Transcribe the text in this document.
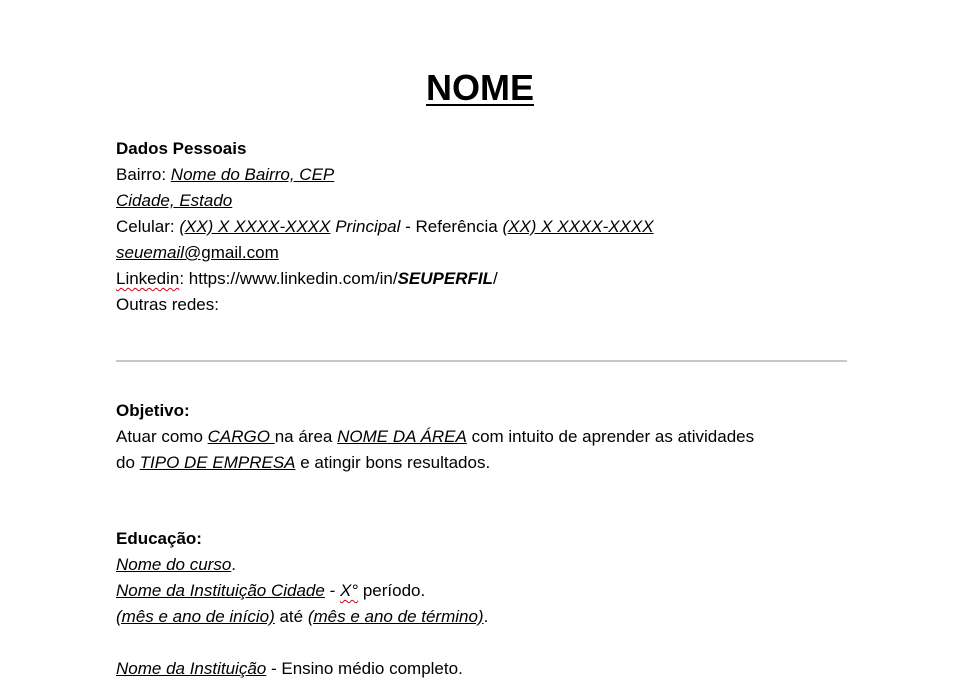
NOME
Dados Pessoais
Bairro: Nome do Bairro, CEP
Cidade, Estado
Celular: (XX) X XXXX-XXXX Principal - Referência (XX) X XXXX-XXXX
seuemail@gmail.com
Linkedin: https://www.linkedin.com/in/SEUPERFIL/
Outras redes:
Objetivo:
Atuar como CARGO na área NOME DA ÁREA com intuito de aprender as atividades
do TIPO DE EMPRESA e atingir bons resultados.
Educação:
Nome do curso.
Nome da Instituição Cidade - X° período.
(mês e ano de início) até (mês e ano de término).
Nome da Instituição - Ensino médio completo.
